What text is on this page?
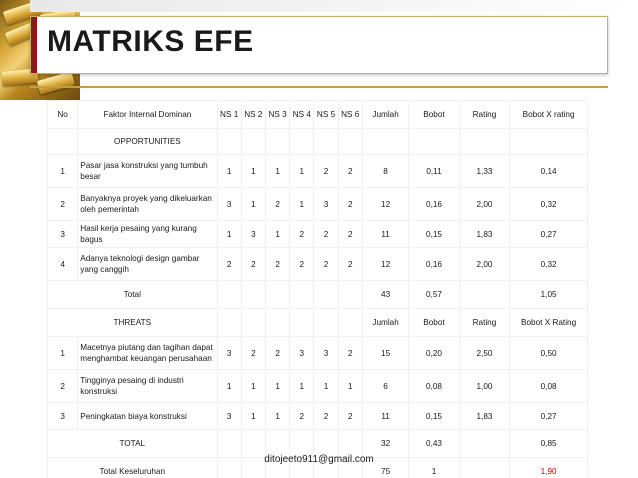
MATRIKS EFE
No	Faktor Internal Dominan	NS 1	NS 2	NS 3	NS 4	NS 5	NS 6	Jumlah	Bobot	Rating	Bobot X rating
	OPPORTUNITIES										
1	Pasar jasa konstruksi yang tumbuh besar	1	1	1	1	2	2	8	0,11	1,33	0,14
2	Banyaknya proyek yang dikeluarkan oleh pemerintah	3	1	2	1	3	2	12	0,16	2,00	0,32
3	Hasil kerja pesaing yang kurang bagus	1	3	1	2	2	2	11	0,15	1,83	0,27
4	Adanya teknologi design gambar yang canggih	2	2	2	2	2	2	12	0,16	2,00	0,32
Total								43	0,57		1,05
THREATS								Jumlah	Bobot	Rating	Bobot X Rating
1	Macetnya piutang dan tagihan dapat menghambat keuangan perusahaan	3	2	2	3	3	2	15	0,20	2,50	0,50
2	Tingginya pesaing di industri konstruksi	1	1	1	1	1	1	6	0,08	1,00	0,08
3	Peningkatan biaya konstruksi	3	1	1	2	2	2	11	0,15	1,83	0,27
TOTAL								32	0,43		0,85
Total Keseluruhan								75	1		1,90
ditojeeto911@gmail.com
